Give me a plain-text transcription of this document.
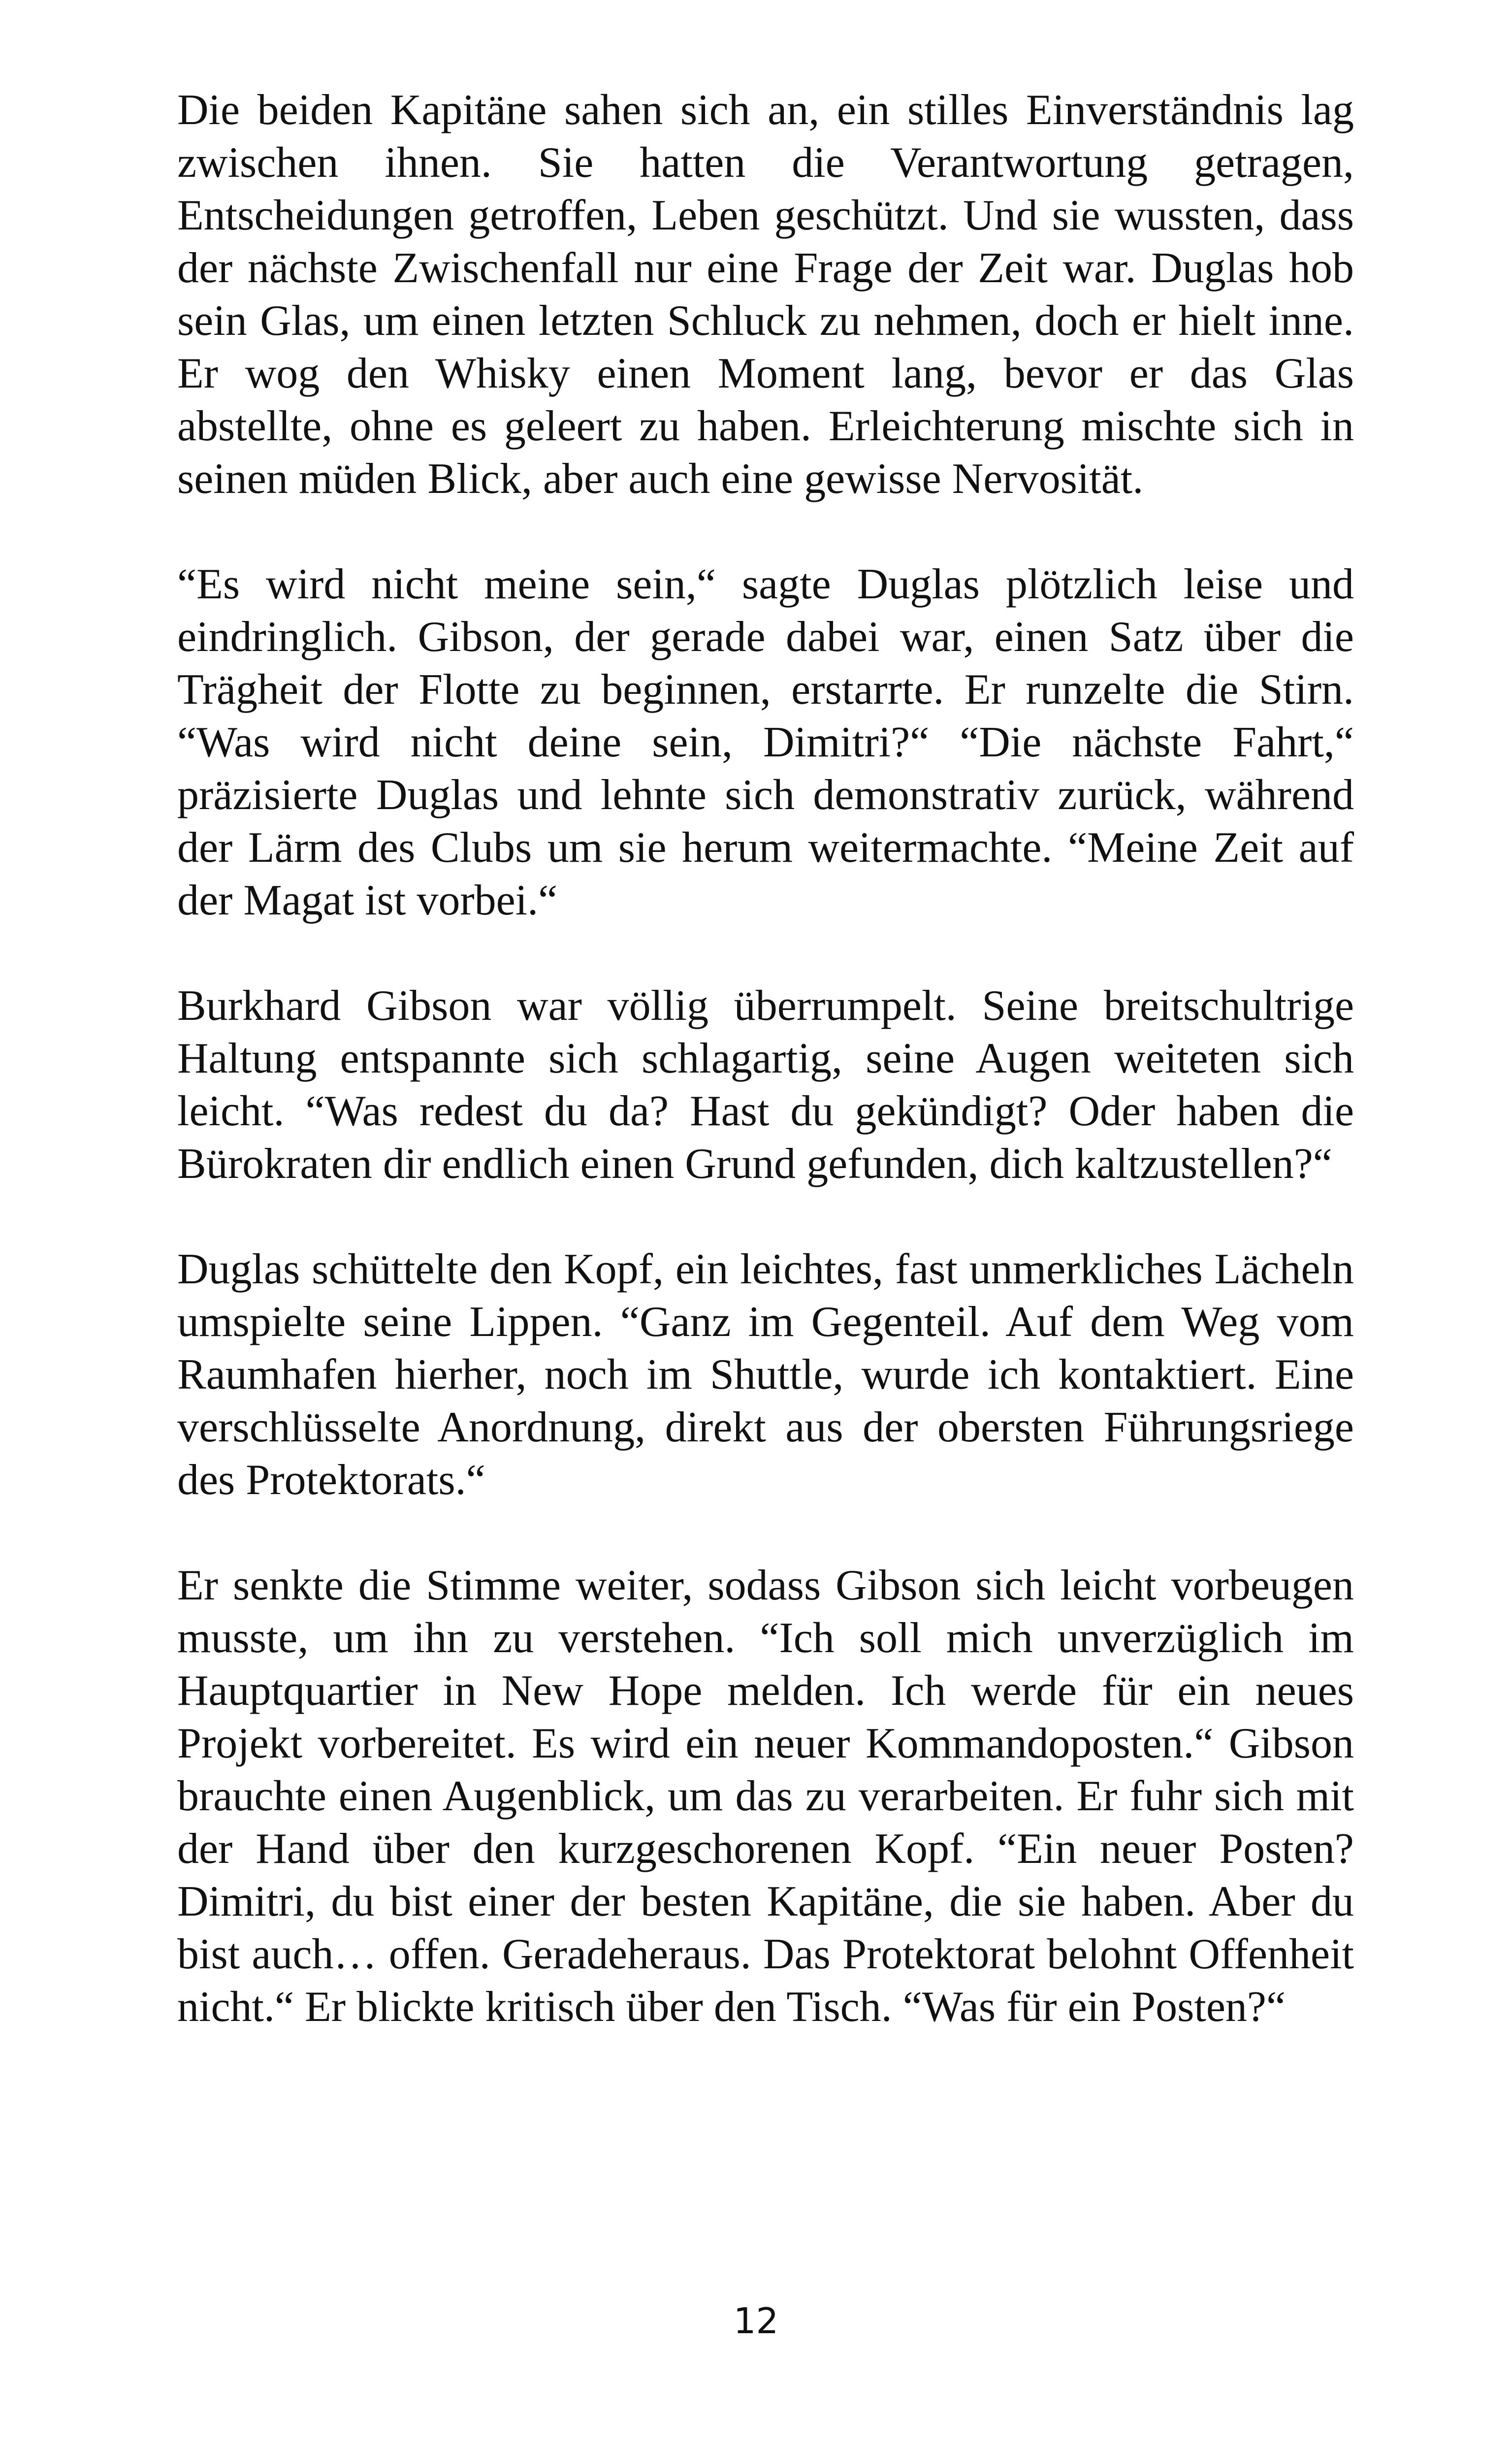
Die beiden Kapitäne sahen sich an, ein stilles Einverständnis lag zwischen ihnen. Sie hatten die Verantwortung getragen, Entscheidungen getroffen, Leben geschützt. Und sie wussten, dass der nächste Zwischenfall nur eine Frage der Zeit war. Duglas hob sein Glas, um einen letzten Schluck zu nehmen, doch er hielt inne. Er wog den Whisky einen Moment lang, bevor er das Glas abstellte, ohne es geleert zu haben. Erleichterung mischte sich in seinen müden Blick, aber auch eine gewisse Nervosität.

“Es wird nicht meine sein,“ sagte Duglas plötzlich leise und eindringlich. Gibson, der gerade dabei war, einen Satz über die Trägheit der Flotte zu beginnen, erstarrte. Er runzelte die Stirn. “Was wird nicht deine sein, Dimitri?“ “Die nächste Fahrt,“ präzisierte Duglas und lehnte sich demonstrativ zurück, während der Lärm des Clubs um sie herum weitermachte. “Meine Zeit auf der Magat ist vorbei.“

Burkhard Gibson war völlig überrumpelt. Seine breitschultrige Haltung entspannte sich schlagartig, seine Augen weiteten sich leicht. “Was redest du da? Hast du gekündigt? Oder haben die Bürokraten dir endlich einen Grund gefunden, dich kaltzustellen?“

Duglas schüttelte den Kopf, ein leichtes, fast unmerkliches Lächeln umspielte seine Lippen. “Ganz im Gegenteil. Auf dem Weg vom Raumhafen hierher, noch im Shuttle, wurde ich kontaktiert. Eine verschlüsselte Anordnung, direkt aus der obersten Führungsriege des Protektorats.“

Er senkte die Stimme weiter, sodass Gibson sich leicht vorbeugen musste, um ihn zu verstehen. “Ich soll mich unverzüglich im Hauptquartier in New Hope melden. Ich werde für ein neues Projekt vorbereitet. Es wird ein neuer Kommandoposten.“ Gibson brauchte einen Augenblick, um das zu verarbeiten. Er fuhr sich mit der Hand über den kurzgeschorenen Kopf. “Ein neuer Posten? Dimitri, du bist einer der besten Kapitäne, die sie haben. Aber du bist auch… offen. Geradeheraus. Das Protektorat belohnt Offenheit nicht.“ Er blickte kritisch über den Tisch. “Was für ein Posten?“

12
